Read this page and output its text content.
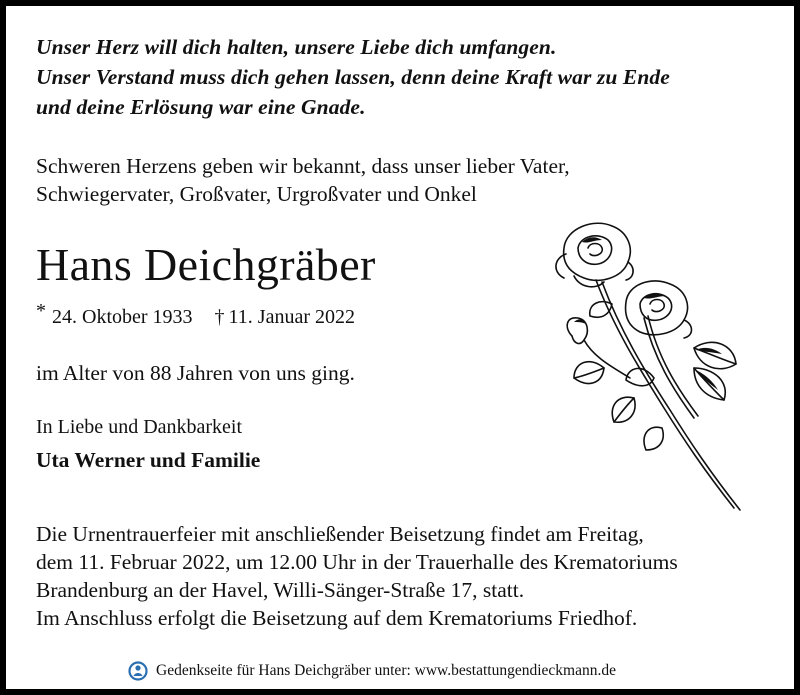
Unser Herz will dich halten, unsere Liebe dich umfangen.
Unser Verstand muss dich gehen lassen, denn deine Kraft war zu Ende
und deine Erlösung war eine Gnade.
Schweren Herzens geben wir bekannt, dass unser lieber Vater,
Schwiegervater, Großvater, Urgroßvater und Onkel
Hans Deichgräber
* 24. Oktober 1933 † 11. Januar 2022
im Alter von 88 Jahren von uns ging.
In Liebe und Dankbarkeit
Uta Werner und Familie
Die Urnentrauerfeier mit anschließender Beisetzung findet am Freitag,
dem 11. Februar 2022, um 12.00 Uhr in der Trauerhalle des Krematoriums
Brandenburg an der Havel, Willi-Sänger-Straße 17, statt.
Im Anschluss erfolgt die Beisetzung auf dem Krematoriums Friedhof.
Gedenkseite für Hans Deichgräber unter: www.bestattungendieckmann.de
